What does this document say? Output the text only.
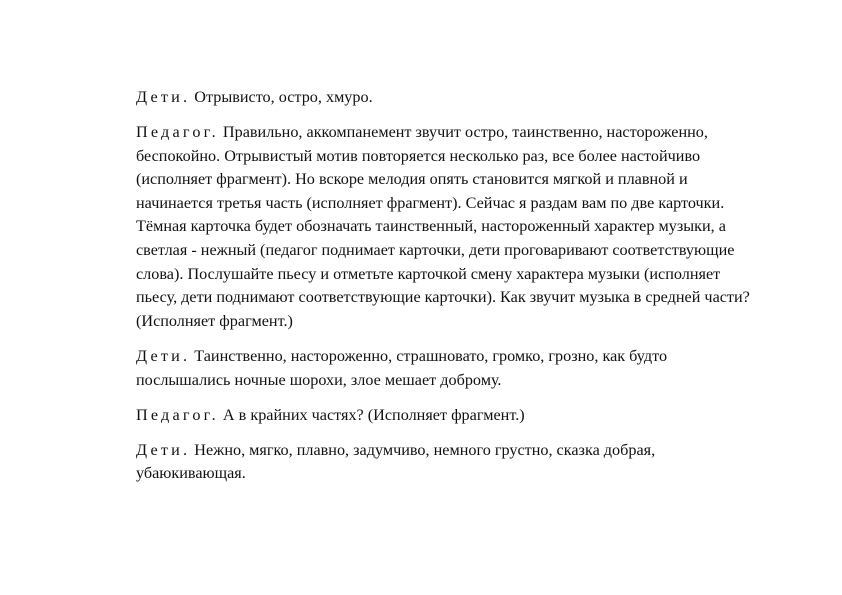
Дети. Отрывисто, остро, хмуро.

Педагог. Правильно, аккомпанемент звучит остро, таинственно, настороженно, беспокойно. Отрывистый мотив повторяется несколько раз, все более настойчиво (исполняет фрагмент). Но вскоре мелодия опять становится мягкой и плавной и начинается третья часть (исполняет фрагмент). Сейчас я раздам вам по две карточки. Тёмная карточка будет обозначать таинственный, настороженный характер музыки, а светлая - нежный (педагог поднимает карточки, дети проговаривают соответствующие слова). Послушайте пьесу и отметьте карточкой смену характера музыки (исполняет пьесу, дети поднимают соответствующие карточки). Как звучит музыка в средней части? (Исполняет фрагмент.)

Дети. Таинственно, настороженно, страшновато, громко, грозно, как будто послышались ночные шорохи, злое мешает доброму.

Педагог. А в крайних частях? (Исполняет фрагмент.)

Дети. Нежно, мягко, плавно, задумчиво, немного грустно, сказка добрая, убаюкивающая.
